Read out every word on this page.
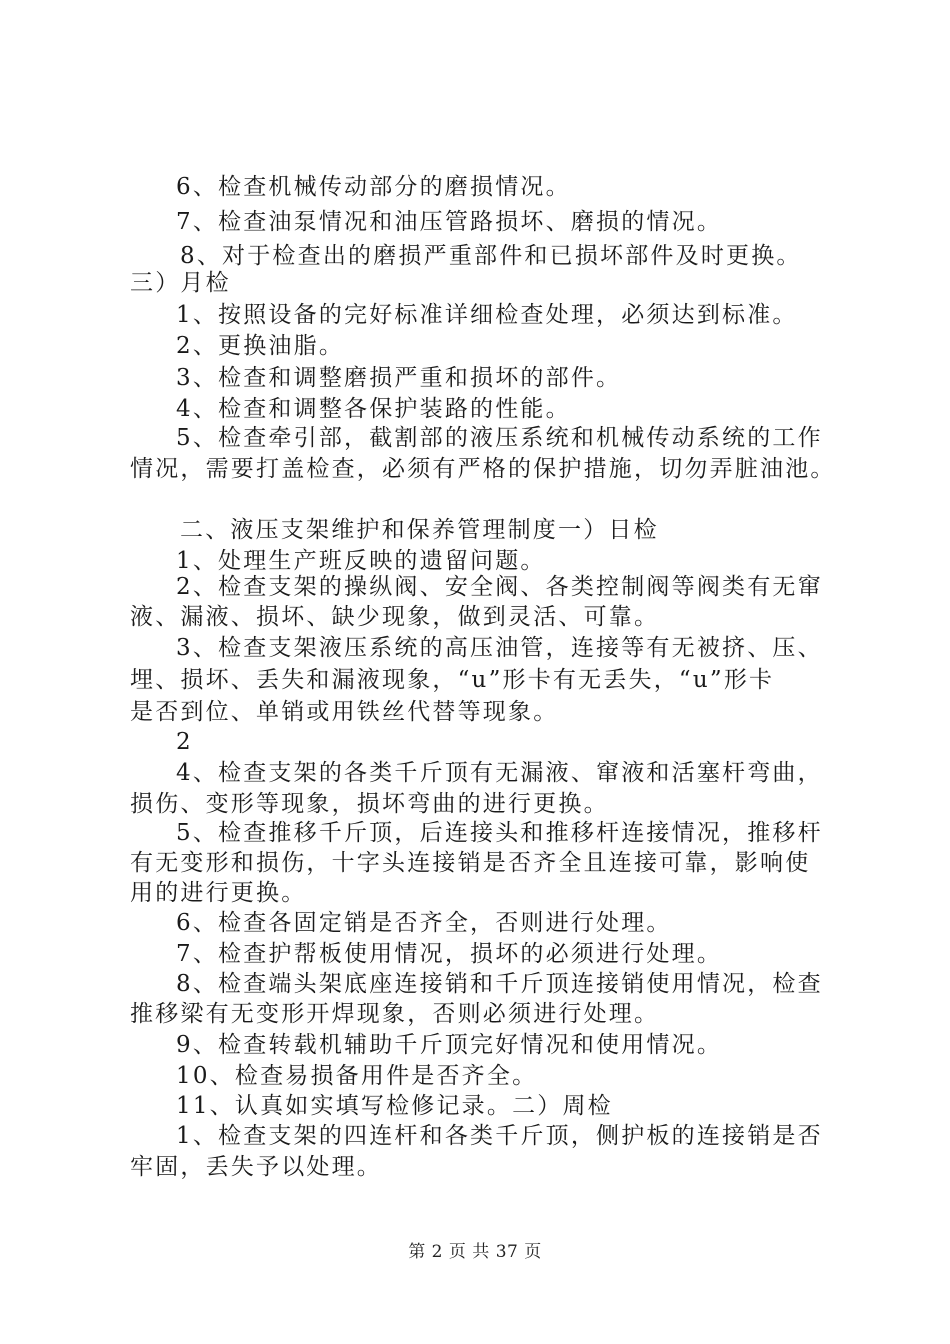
6、检查机械传动部分的磨损情况。
7、检查油泵情况和油压管路损坏、磨损的情况。
8、对于检查出的磨损严重部件和已损坏部件及时更换。
三）月检
1、按照设备的完好标准详细检查处理，必须达到标准。
2、更换油脂。
3、检查和调整磨损严重和损坏的部件。
4、检查和调整各保护装路的性能。
5、检查牵引部，截割部的液压系统和机械传动系统的工作
情况，需要打盖检查，必须有严格的保护措施，切勿弄脏油池。
二、液压支架维护和保养管理制度一）日检
1、处理生产班反映的遗留问题。
2、检查支架的操纵阀、安全阀、各类控制阀等阀类有无窜
液、漏液、损坏、缺少现象，做到灵活、可靠。
3、检查支架液压系统的高压油管，连接等有无被挤、压、
埋、损坏、丢失和漏液现象，“u”形卡有无丢失，“u”形卡
是否到位、单销或用铁丝代替等现象。
2
4、检查支架的各类千斤顶有无漏液、窜液和活塞杆弯曲，
损伤、变形等现象，损坏弯曲的进行更换。
5、检查推移千斤顶，后连接头和推移杆连接情况，推移杆
有无变形和损伤，十字头连接销是否齐全且连接可靠，影响使
用的进行更换。
6、检查各固定销是否齐全，否则进行处理。
7、检查护帮板使用情况，损坏的必须进行处理。
8、检查端头架底座连接销和千斤顶连接销使用情况，检查
推移梁有无变形开焊现象，否则必须进行处理。
9、检查转载机辅助千斤顶完好情况和使用情况。
10、检查易损备用件是否齐全。
11、认真如实填写检修记录。二）周检
1、检查支架的四连杆和各类千斤顶，侧护板的连接销是否
牢固，丢失予以处理。
第 2 页 共 37 页
